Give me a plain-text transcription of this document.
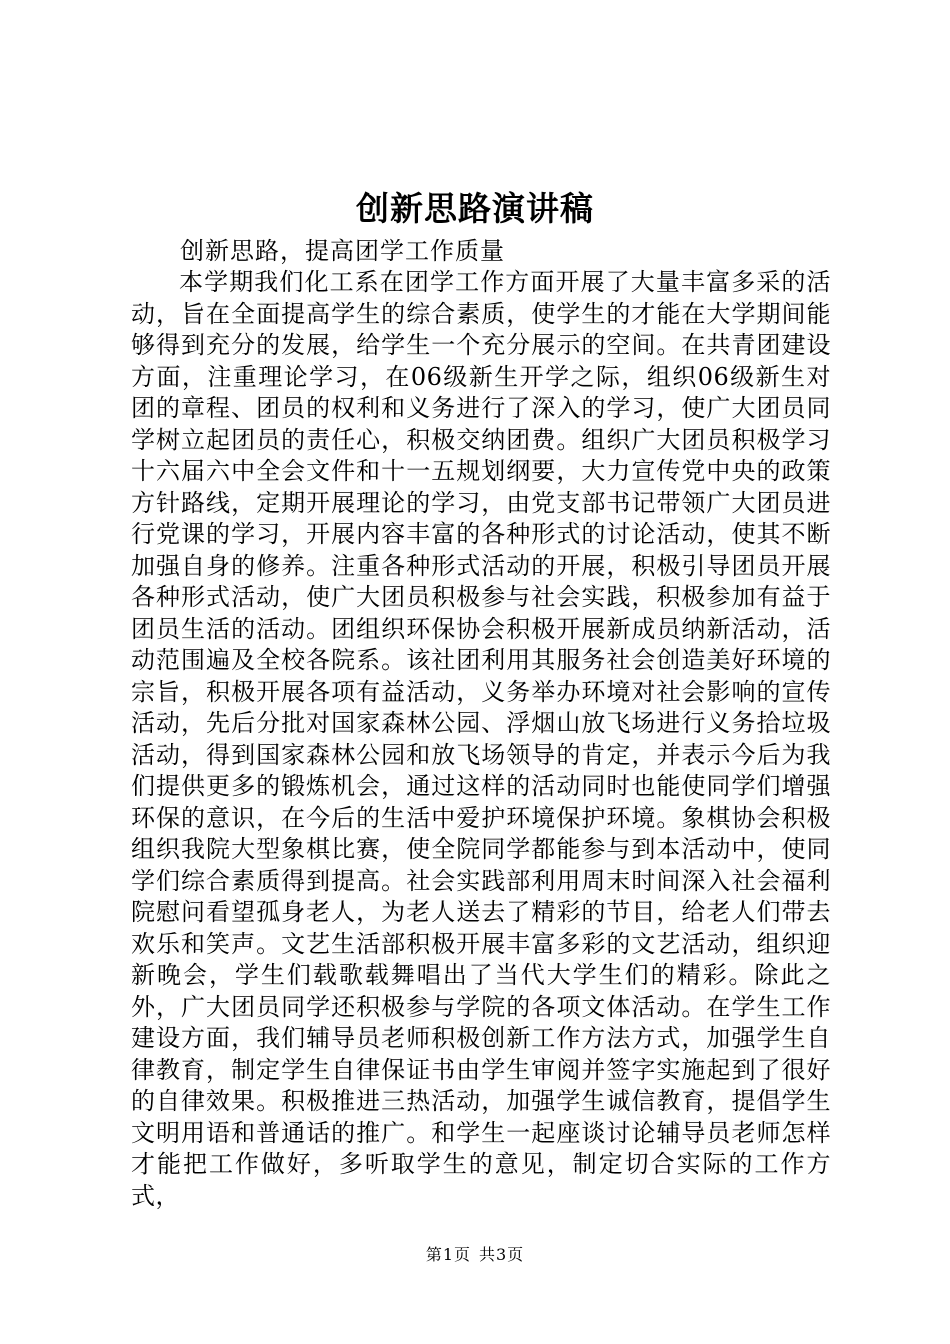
创新思路演讲稿
创新思路，提高团学工作质量

本学期我们化工系在团学工作方面开展了大量丰富多采的活动，旨在全面提高学生的综合素质，使学生的才能在大学期间能够得到充分的发展，给学生一个充分展示的空间。在共青团建设方面，注重理论学习，在06级新生开学之际，组织06级新生对团的章程、团员的权利和义务进行了深入的学习，使广大团员同学树立起团员的责任心，积极交纳团费。组织广大团员积极学习十六届六中全会文件和十一五规划纲要，大力宣传党中央的政策方针路线，定期开展理论的学习，由党支部书记带领广大团员进行党课的学习，开展内容丰富的各种形式的讨论活动，使其不断加强自身的修养。注重各种形式活动的开展，积极引导团员开展各种形式活动，使广大团员积极参与社会实践，积极参加有益于团员生活的活动。团组织环保协会积极开展新成员纳新活动，活动范围遍及全校各院系。该社团利用其服务社会创造美好环境的宗旨，积极开展各项有益活动，义务举办环境对社会影响的宣传活动，先后分批对国家森林公园、浮烟山放飞场进行义务拾垃圾活动，得到国家森林公园和放飞场领导的肯定，并表示今后为我们提供更多的锻炼机会，通过这样的活动同时也能使同学们增强环保的意识，在今后的生活中爱护环境保护环境。象棋协会积极组织我院大型象棋比赛，使全院同学都能参与到本活动中，使同学们综合素质得到提高。社会实践部利用周末时间深入社会福利院慰问看望孤身老人，为老人送去了精彩的节目，给老人们带去欢乐和笑声。文艺生活部积极开展丰富多彩的文艺活动，组织迎新晚会，学生们载歌载舞唱出了当代大学生们的精彩。除此之外，广大团员同学还积极参与学院的各项文体活动。在学生工作建设方面，我们辅导员老师积极创新工作方法方式，加强学生自律教育，制定学生自律保证书由学生审阅并签字实施起到了很好的自律效果。积极推进三热活动，加强学生诚信教育，提倡学生文明用语和普通话的推广。和学生一起座谈讨论辅导员老师怎样才能把工作做好，多听取学生的意见，制定切合实际的工作方式，

第1页 共3页
